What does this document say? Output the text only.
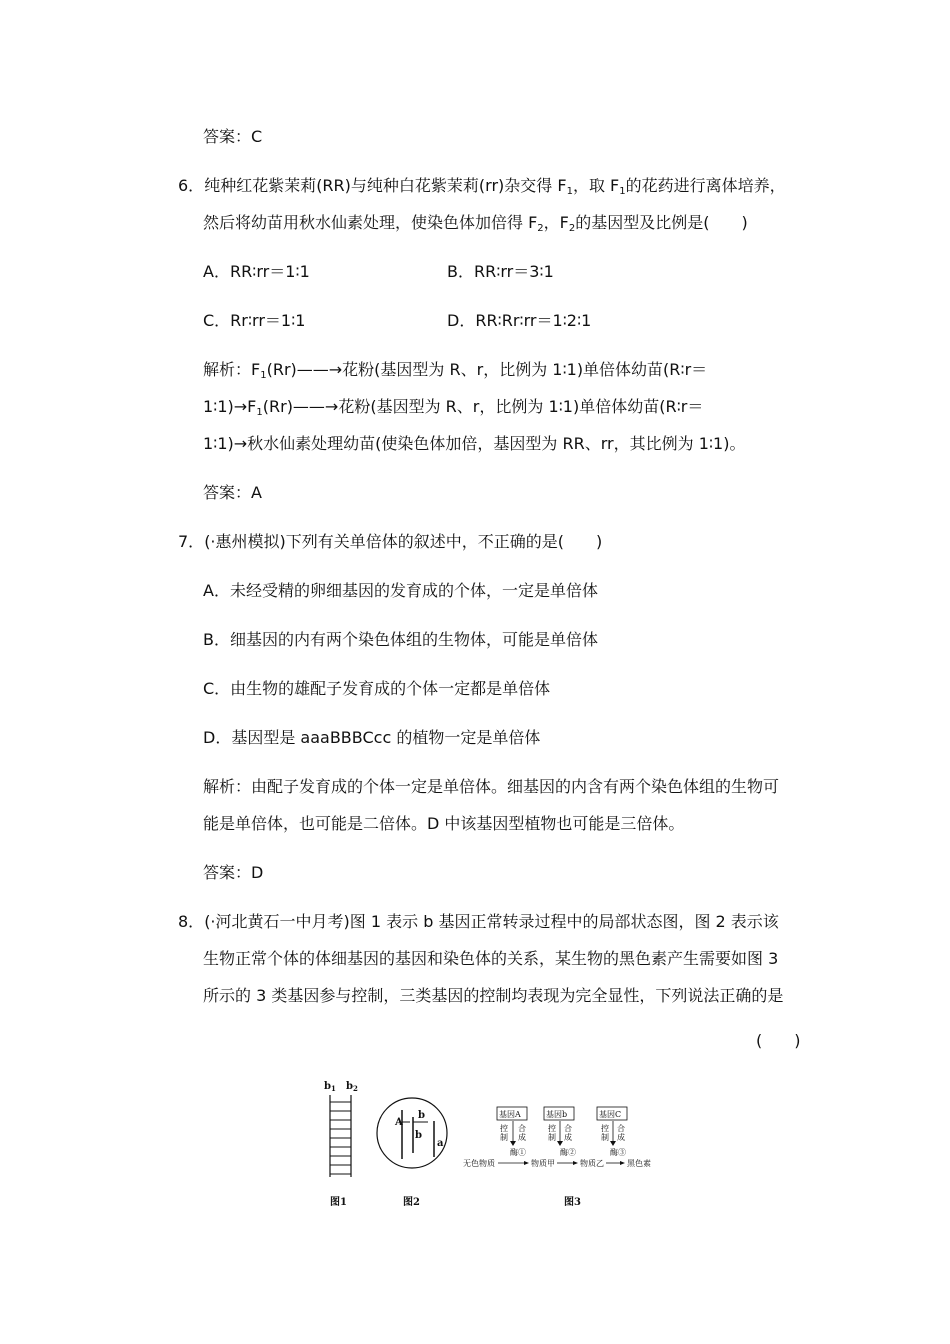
答案：C
6．纯种红花紫茉莉(RR)与纯种白花紫茉莉(rr)杂交得 $F_1$，取 $F_1$的花药进行离体培养，
然后将幼苗用秋水仙素处理，使染色体加倍得 $F_2$，$F_2$的基因型及比例是(　　)
A．RR∶rr＝1∶1	B．RR∶rr＝3∶1
C．Rr∶rr＝1∶1	D．RR∶Rr∶rr＝1∶2∶1
解析：$F_1(Rr)——\to$花粉(基因型为 R、r，比例为 1∶1)单倍体幼苗(R∶r＝
$1∶1)\to F_1(Rr)——\to$花粉(基因型为 R、r，比例为 1∶1)单倍体幼苗(R∶r＝
1∶1)→秋水仙素处理幼苗(使染色体加倍，基因型为 RR、rr，其比例为 1∶1)。
答案：A
7．(·惠州模拟)下列有关单倍体的叙述中，不正确的是(　　)
A．未经受精的卵细基因的发育成的个体，一定是单倍体
B．细基因的内有两个染色体组的生物体，可能是单倍体
C．由生物的雄配子发育成的个体一定都是单倍体
D．基因型是 aaaBBBCcc 的植物一定是单倍体
解析：由配子发育成的个体一定是单倍体。细基因的内含有两个染色体组的生物可
能是单倍体，也可能是二倍体。D 中该基因型植物也可能是三倍体。
答案：D
8．(·河北黄石一中月考)图 1 表示 b 基因正常转录过程中的局部状态图，图 2 表示该
生物正常个体的体细基因的基因和染色体的关系，某生物的黑色素产生需要如图 3
所示的 3 类基因参与控制，三类基因的控制均表现为完全显性，下列说法正确的是
(　　)
$b_1$ $b_2$
图1
A
b
b
a
图2
基因A	基因b	基因C
控
制
合
成
酶①
控
制
合
成
酶②
控
制
合
成
酶③
无色物质	物质甲	物质乙	黑色素
图3
